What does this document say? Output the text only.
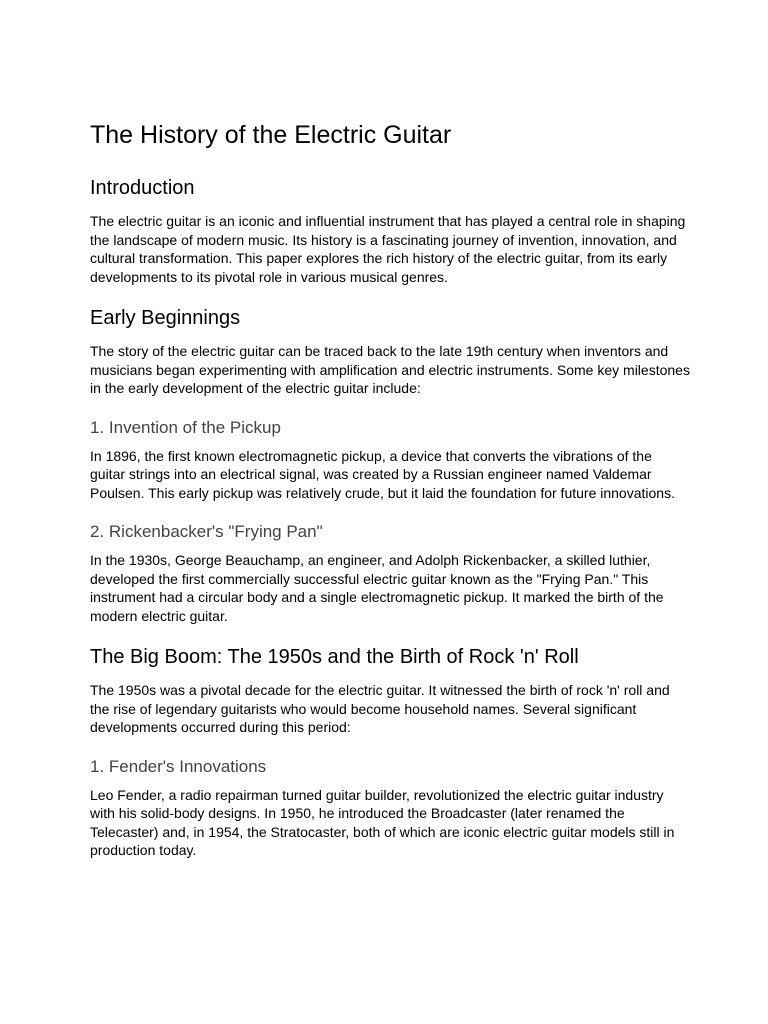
The History of the Electric Guitar
Introduction

The electric guitar is an iconic and influential instrument that has played a central role in shaping the landscape of modern music. Its history is a fascinating journey of invention, innovation, and cultural transformation. This paper explores the rich history of the electric guitar, from its early developments to its pivotal role in various musical genres.

Early Beginnings

The story of the electric guitar can be traced back to the late 19th century when inventors and musicians began experimenting with amplification and electric instruments. Some key milestones in the early development of the electric guitar include:

1. Invention of the Pickup

In 1896, the first known electromagnetic pickup, a device that converts the vibrations of the guitar strings into an electrical signal, was created by a Russian engineer named Valdemar Poulsen. This early pickup was relatively crude, but it laid the foundation for future innovations.

2. Rickenbacker's "Frying Pan"

In the 1930s, George Beauchamp, an engineer, and Adolph Rickenbacker, a skilled luthier, developed the first commercially successful electric guitar known as the "Frying Pan." This instrument had a circular body and a single electromagnetic pickup. It marked the birth of the modern electric guitar.

The Big Boom: The 1950s and the Birth of Rock 'n' Roll

The 1950s was a pivotal decade for the electric guitar. It witnessed the birth of rock 'n' roll and the rise of legendary guitarists who would become household names. Several significant developments occurred during this period:

1. Fender's Innovations

Leo Fender, a radio repairman turned guitar builder, revolutionized the electric guitar industry with his solid-body designs. In 1950, he introduced the Broadcaster (later renamed the Telecaster) and, in 1954, the Stratocaster, both of which are iconic electric guitar models still in production today.
